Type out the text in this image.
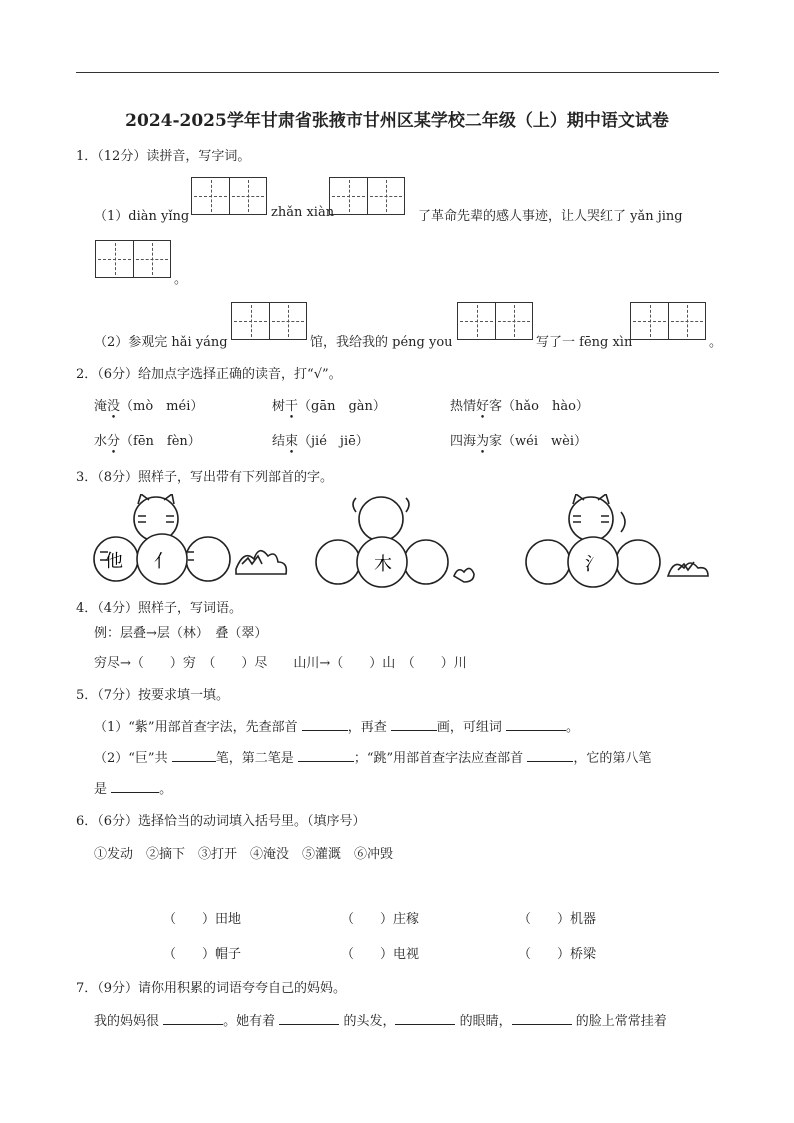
2024-2025学年甘肃省张掖市甘州区某学校二年级（上）期中语文试卷
1．（12分）读拼音，写字词。
（1）diàn yǐng	zhǎn xiàn	了革命先辈的感人事迹，让人哭红了 yǎn jing
。
（2）参观完 hǎi yáng	馆，我给我的 péng you	写了一 fēng xìn	。
2．（6分）给加点字选择正确的读音，打“√”。
淹没（mò　méi）	树干（gān　gàn）	热情好客（hǎo　hào）
水分（fēn　fèn）	结束（jié　jiē）	四海为家（wéi　wèi）
3．（8分）照样子，写出带有下列部首的字。
他 亻	木	氵
4．（4分）照样子，写词语。
例：层叠→层（林）　叠（翠）
穷尽→（　　）穷　（　　）尽　　山川→（　　）山　（　　）川
5．（7分）按要求填一填。
（1）“紫”用部首查字法，先查部首	，再查	画，可组词	。
（2）“巨”共	笔，第二笔是	；“跳”用部首查字法应查部首	，它的第八笔
是	。
6．（6分）选择恰当的动词填入括号里。（填序号）
①发动　②摘下　③打开　④淹没　⑤灌溉　⑥冲毁
（　　）田地	（　　）庄稼	（　　）机器
（　　）帽子	（　　）电视	（　　）桥梁
7．（9分）请你用积累的词语夸夸自己的妈妈。
我的妈妈很	。她有着	的头发，	的眼睛，	的脸上常常挂着
